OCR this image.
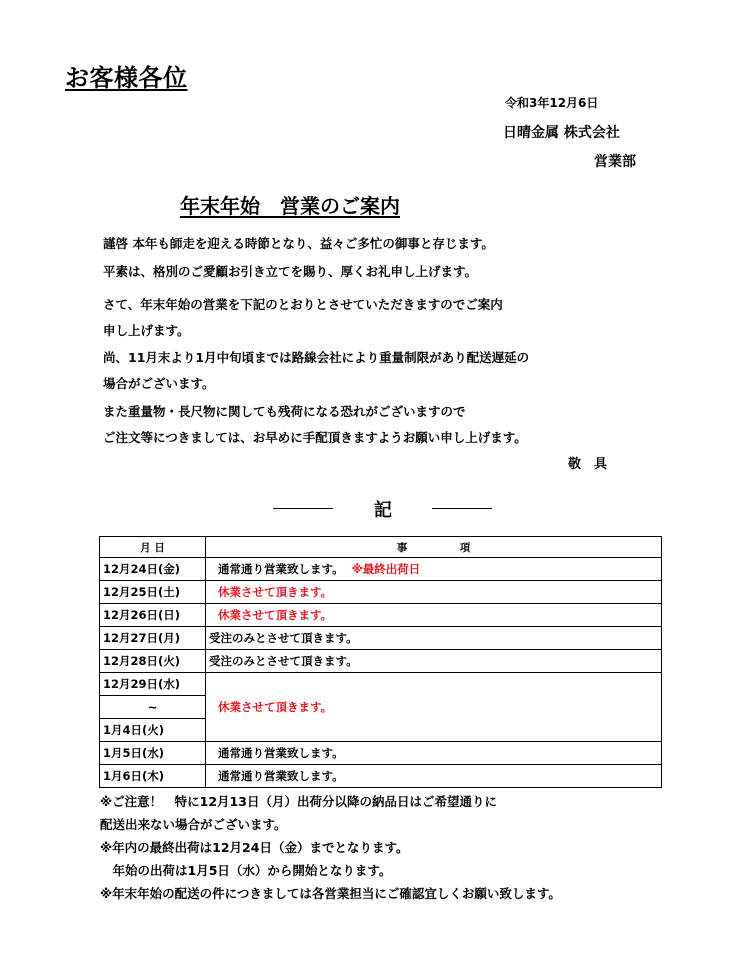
お客様各位
令和3年12月6日
日晴金属 株式会社
営業部
年末年始　営業のご案内
謹啓 本年も師走を迎える時節となり、益々ご多忙の御事と存じます。
平素は、格別のご愛顧お引き立てを賜り、厚くお礼申し上げます。
さて、年末年始の営業を下記のとおりとさせていただきますのでご案内
申し上げます。
尚、11月末より1月中旬頃までは路線会社により重量制限があり配送遅延の
場合がございます。
また重量物・長尺物に関しても残荷になる恐れがございますので
ご注文等につきましては、お早めに手配頂きますようお願い申し上げます。
敬　具
記
月 日	事　　　　　項
12月24日(金)	通常通り営業致します。 ※最終出荷日
12月25日(土)	休業させて頂きます。
12月26日(日)	休業させて頂きます。
12月27日(月)	受注のみとさせて頂きます。
12月28日(火)	受注のみとさせて頂きます。
12月29日(水)	休業させて頂きます。
~	
1月4日(火)	
1月5日(水)	通常通り営業致します。
1月6日(木)	通常通り営業致します。
※ご注意！　特に12月13日（月）出荷分以降の納品日はご希望通りに
配送出来ない場合がございます。
※年内の最終出荷は12月24日（金）までとなります。
　年始の出荷は1月5日（水）から開始となります。
※年末年始の配送の件につきましては各営業担当にご確認宜しくお願い致します。
